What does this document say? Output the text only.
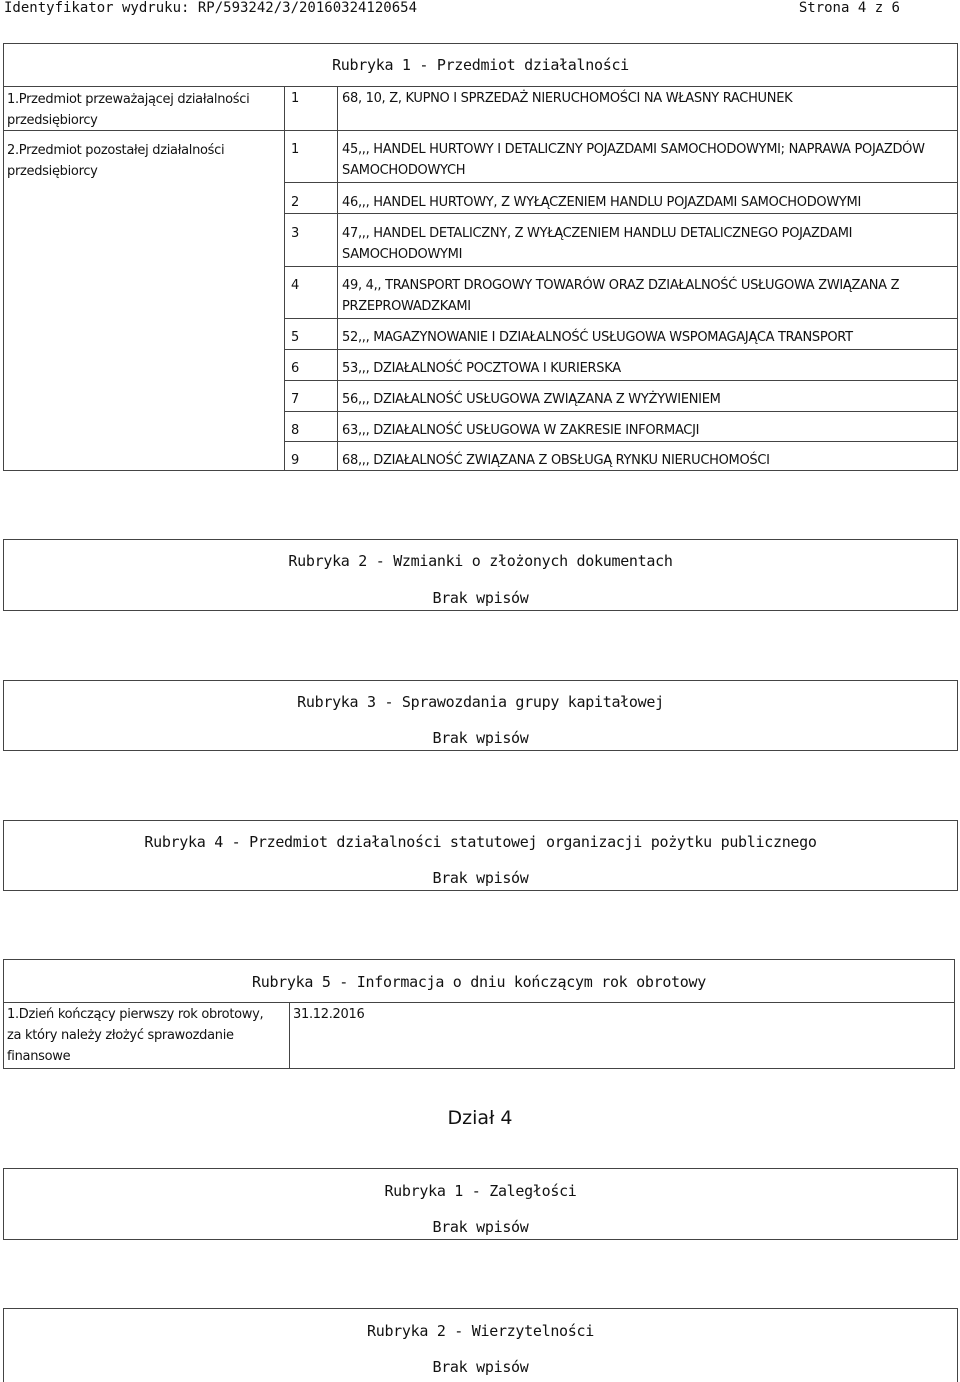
Identyfikator wydruku: RP/593242/3/20160324120654	Strona 4 z 6
Rubryka 1 - Przedmiot działalności
1.Przedmiot przeważającej działalności przedsiębiorcy
1	68, 10, Z, KUPNO I SPRZEDAŻ NIERUCHOMOŚCI NA WŁASNY RACHUNEK
2.Przedmiot pozostałej działalności przedsiębiorcy
1	45,,, HANDEL HURTOWY I DETALICZNY POJAZDAMI SAMOCHODOWYMI; NAPRAWA POJAZDÓW SAMOCHODOWYCH
2	46,,, HANDEL HURTOWY, Z WYŁĄCZENIEM HANDLU POJAZDAMI SAMOCHODOWYMI
3	47,,, HANDEL DETALICZNY, Z WYŁĄCZENIEM HANDLU DETALICZNEGO POJAZDAMI SAMOCHODOWYMI
4	49, 4,, TRANSPORT DROGOWY TOWARÓW ORAZ DZIAŁALNOŚĆ USŁUGOWA ZWIĄZANA Z PRZEPROWADZKAMI
5	52,,, MAGAZYNOWANIE I DZIAŁALNOŚĆ USŁUGOWA WSPOMAGAJĄCA TRANSPORT
6	53,,, DZIAŁALNOŚĆ POCZTOWA I KURIERSKA
7	56,,, DZIAŁALNOŚĆ USŁUGOWA ZWIĄZANA Z WYŻYWIENIEM
8	63,,, DZIAŁALNOŚĆ USŁUGOWA W ZAKRESIE INFORMACJI
9	68,,, DZIAŁALNOŚĆ ZWIĄZANA Z OBSŁUGĄ RYNKU NIERUCHOMOŚCI
Rubryka 2 - Wzmianki o złożonych dokumentach
Brak wpisów
Rubryka 3 - Sprawozdania grupy kapitałowej
Brak wpisów
Rubryka 4 - Przedmiot działalności statutowej organizacji pożytku publicznego
Brak wpisów
Rubryka 5 - Informacja o dniu kończącym rok obrotowy
1.Dzień kończący pierwszy rok obrotowy, za który należy złożyć sprawozdanie finansowe
31.12.2016
Dział 4
Rubryka 1 - Zaległości
Brak wpisów
Rubryka 2 - Wierzytelności
Brak wpisów
